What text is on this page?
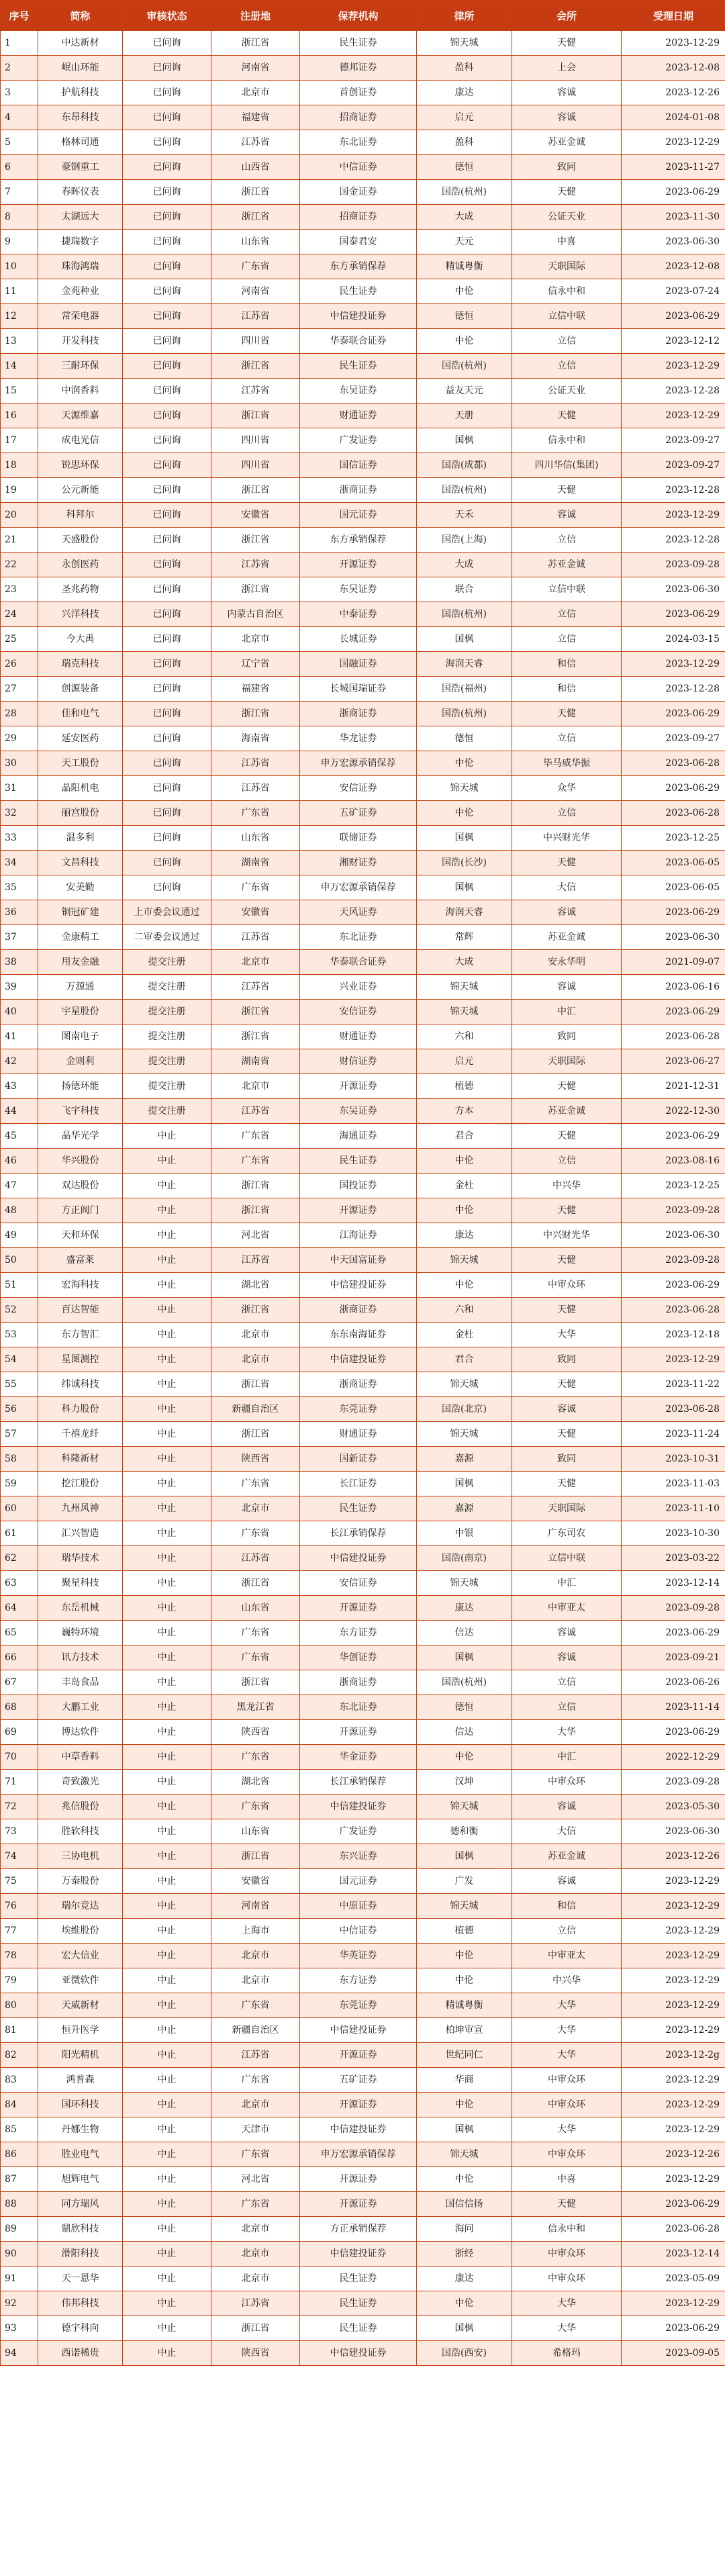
序号	简称	审核状态	注册地	保荐机构	律所	会所	受理日期
1	中达新材	已问询	浙江省	民生证券	锦天城	天健	2023-12-29
2	岷山环能	已问询	河南省	德邦证券	盈科	上会	2023-12-08
3	护航科技	已问询	北京市	首创证券	康达	容诚	2023-12-26
4	东昂科技	已问询	福建省	招商证券	启元	容诚	2024-01-08
5	格林司通	已问询	江苏省	东北证券	盈科	苏亚金诚	2023-12-29
6	豪钢重工	已问询	山西省	中信证券	德恒	致同	2023-11-27
7	春晖仪表	已问询	浙江省	国金证券	国浩(杭州)	天健	2023-06-29
8	太湖远大	已问询	浙江省	招商证券	大成	公证天业	2023-11-30
9	捷瑞数字	已问询	山东省	国泰君安	天元	中喜	2023-06-30
10	珠海鸿瑞	已问询	广东省	东方承销保荐	精诚粤衡	天职国际	2023-12-08
11	金苑种业	已问询	河南省	民生证券	中伦	信永中和	2023-07-24
12	常荣电器	已问询	江苏省	中信建投证券	德恒	立信中联	2023-06-29
13	开发科技	已问询	四川省	华泰联合证券	中伦	立信	2023-12-12
14	三耐环保	已问询	浙江省	民生证券	国浩(杭州)	立信	2023-12-29
15	中润香料	已问询	江苏省	东吴证券	益友天元	公证天业	2023-12-28
16	天源维嘉	已问询	浙江省	财通证券	天册	天健	2023-12-29
17	成电光信	已问询	四川省	广发证券	国枫	信永中和	2023-09-27
18	锐思环保	已问询	四川省	国信证券	国浩(成都)	四川华信(集团)	2023-09-27
19	公元新能	已问询	浙江省	浙商证券	国浩(杭州)	天健	2023-12-28
20	科拜尔	已问询	安徽省	国元证券	天禾	容诚	2023-12-29
21	天盛股份	已问询	浙江省	东方承销保荐	国浩(上海)	立信	2023-12-28
22	永创医药	已问询	江苏省	开源证券	大成	苏亚金诚	2023-09-28
23	圣兆药物	已问询	浙江省	东吴证券	联合	立信中联	2023-06-30
24	兴洋科技	已问询	内蒙古自治区	中泰证券	国浩(杭州)	立信	2023-06-29
25	今大禹	已问询	北京市	长城证券	国枫	立信	2024-03-15
26	瑞克科技	已问询	辽宁省	国融证券	海润天睿	和信	2023-12-29
27	创源装备	已问询	福建省	长城国瑞证券	国浩(福州)	和信	2023-12-28
28	佳和电气	已问询	浙江省	浙商证券	国浩(杭州)	天健	2023-06-29
29	延安医药	已问询	海南省	华龙证券	德恒	立信	2023-09-27
30	天工股份	已问询	江苏省	申万宏源承销保荐	中伦	毕马威华振	2023-06-28
31	晶阳机电	已问询	江苏省	安信证券	锦天城	众华	2023-06-29
32	丽宫股份	已问询	广东省	五矿证券	中伦	立信	2023-06-28
33	温多利	已问询	山东省	联储证券	国枫	中兴财光华	2023-12-25
34	文昌科技	已问询	湖南省	湘财证券	国浩(长沙)	天健	2023-06-05
35	安美勤	已问询	广东省	申万宏源承销保荐	国枫	大信	2023-06-05
36	铜冠矿建	上市委会议通过	安徽省	天风证券	海润天睿	容诚	2023-06-29
37	金康精工	二审委会议通过	江苏省	东北证券	常辉	苏亚金诚	2023-06-30
38	用友金融	提交注册	北京市	华泰联合证券	大成	安永华明	2021-09-07
39	万源通	提交注册	江苏省	兴业证券	锦天城	容诚	2023-06-16
40	宇星股份	提交注册	浙江省	安信证券	锦天城	中汇	2023-06-29
41	图南电子	提交注册	浙江省	财通证券	六和	致同	2023-06-28
42	金则利	提交注册	湖南省	财信证券	启元	天职国际	2023-06-27
43	扬德环能	提交注册	北京市	开源证券	植德	天健	2021-12-31
44	飞宇科技	提交注册	江苏省	东吴证券	方本	苏亚金诚	2022-12-30
45	晶华光学	中止	广东省	海通证券	君合	天健	2023-06-29
46	华兴股份	中止	广东省	民生证券	中伦	立信	2023-08-16
47	双达股份	中止	浙江省	国投证券	金杜	中兴华	2023-12-25
48	方正阀门	中止	浙江省	开源证券	中伦	天健	2023-09-28
49	天和环保	中止	河北省	江海证券	康达	中兴财光华	2023-06-30
50	盛富莱	中止	江苏省	中天国富证券	锦天城	天健	2023-09-28
51	宏海科技	中止	湖北省	中信建投证券	中伦	中审众环	2023-06-29
52	百达智能	中止	浙江省	浙商证券	六和	天健	2023-06-28
53	东方智汇	中止	北京市	东东南海证券	金杜	大华	2023-12-18
54	星图测控	中止	北京市	中信建投证券	君合	致同	2023-12-29
55	纬诚科技	中止	浙江省	浙商证券	锦天城	天健	2023-11-22
56	科力股份	中止	新疆自治区	东莞证券	国浩(北京)	容诚	2023-06-28
57	千禧龙纤	中止	浙江省	财通证券	锦天城	天健	2023-11-24
58	科隆新材	中止	陕西省	国新证券	嘉源	致同	2023-10-31
59	挖江股份	中止	广东省	长江证券	国枫	天健	2023-11-03
60	九州风神	中止	北京市	民生证券	嘉源	天职国际	2023-11-10
61	汇兴智造	中止	广东省	长江承销保荐	中银	广东司农	2023-10-30
62	瑞华技术	中止	江苏省	中信建投证券	国浩(南京)	立信中联	2023-03-22
63	聚星科技	中止	浙江省	安信证券	锦天城	中汇	2023-12-14
64	东岳机械	中止	山东省	开源证券	康达	中审亚太	2023-09-28
65	巍特环境	中止	广东省	东方证券	信达	容诚	2023-06-29
66	讯方技术	中止	广东省	华创证券	国枫	容诚	2023-09-21
67	丰岛食品	中止	浙江省	浙商证券	国浩(杭州)	立信	2023-06-26
68	大鹏工业	中止	黑龙江省	东北证券	德恒	立信	2023-11-14
69	博达软件	中止	陕西省	开源证券	信达	大华	2023-06-29
70	中草香料	中止	广东省	华金证券	中伦	中汇	2022-12-29
71	奇致激光	中止	湖北省	长江承销保荐	汉坤	中审众环	2023-09-28
72	兆信股份	中止	广东省	中信建投证券	锦天城	容诚	2023-05-30
73	胜软科技	中止	山东省	广发证券	德和衡	大信	2023-06-30
74	三协电机	中止	浙江省	东兴证券	国枫	苏亚金诚	2023-12-26
75	万泰股份	中止	安徽省	国元证券	广发	容诚	2023-12-29
76	瑞尔竞达	中止	河南省	中原证券	锦天城	和信	2023-12-29
77	埃维股份	中止	上海市	中信证券	植德	立信	2023-12-29
78	宏大信业	中止	北京市	华英证券	中伦	中审亚太	2023-12-29
79	亚微软件	中止	北京市	东方证券	中伦	中兴华	2023-12-29
80	天威新材	中止	广东省	东莞证券	精诚粤衡	大华	2023-12-29
81	恒升医学	中止	新疆自治区	中信建投证券	柏坤审宣	大华	2023-12-29
82	阳光精机	中止	江苏省	开源证券	世纪同仁	大华	2023-12-2g
83	鸿普森	中止	广东省	五矿证券	华商	中审众环	2023-12-29
84	国环科技	中止	北京市	开源证券	中伦	中审众环	2023-12-29
85	丹娜生物	中止	天津市	中信建投证券	国枫	大华	2023-12-29
86	胜业电气	中止	广东省	申万宏源承销保荐	锦天城	中审众环	2023-12-26
87	旭辉电气	中止	河北省	开源证券	中伦	中喜	2023-12-29
88	同方瑞风	中止	广东省	开源证券	国信信扬	天健	2023-06-29
89	鼎欣科技	中止	北京市	方正承销保荐	海问	信永中和	2023-06-28
90	滑阳科技	中止	北京市	中信建投证券	浙经	中审众环	2023-12-14
91	天一恩华	中止	北京市	民生证券	康达	中审众环	2023-05-09
92	伟邦科技	中止	江苏省	民生证券	中伦	大华	2023-12-29
93	德宇科向	中止	浙江省	民生证券	国枫	大华	2023-06-29
94	西诺稀贵	中止	陕西省	中信建投证券	国浩(西安)	希格玛	2023-09-05
